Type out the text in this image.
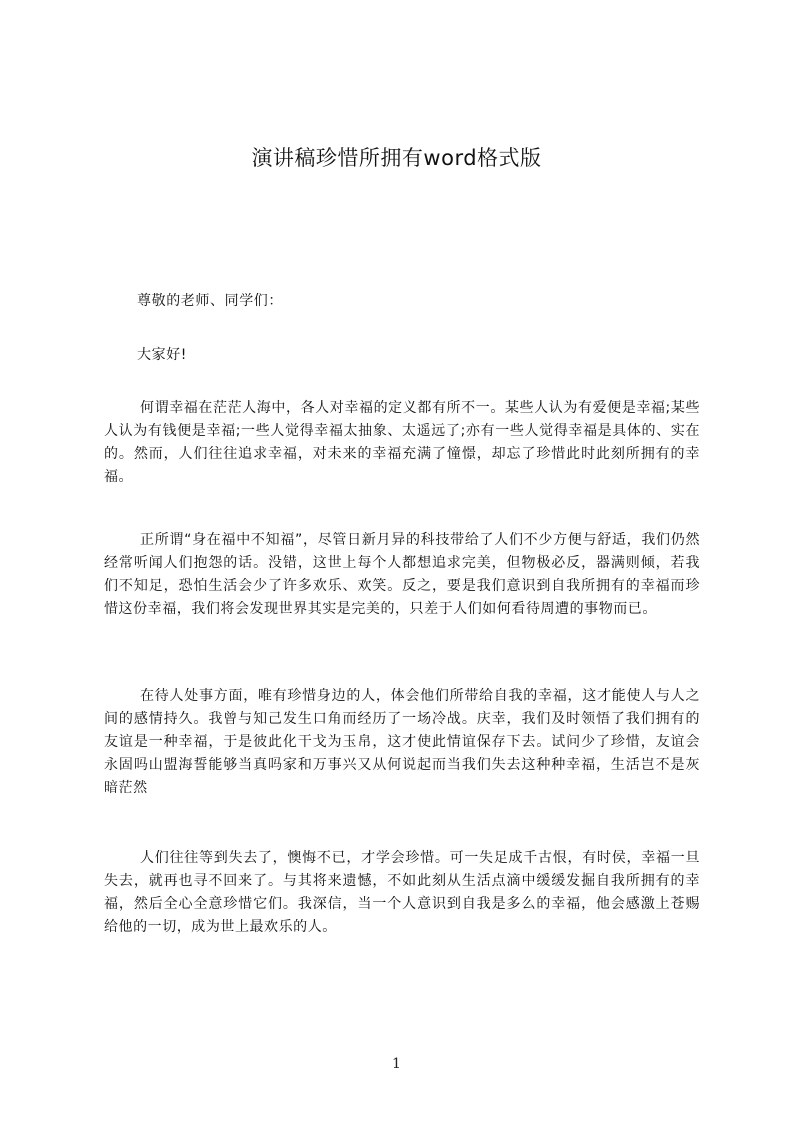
演讲稿珍惜所拥有word格式版
尊敬的老师、同学们：
大家好!

何谓幸福在茫茫人海中，各人对幸福的定义都有所不一。某些人认为有爱便是幸福;某些人认为有钱便是幸福;一些人觉得幸福太抽象、太遥远了;亦有一些人觉得幸福是具体的、实在的。然而，人们往往追求幸福，对未来的幸福充满了憧憬，却忘了珍惜此时此刻所拥有的幸福。

正所谓“身在福中不知福”，尽管日新月异的科技带给了人们不少方便与舒适，我们仍然经常听闻人们抱怨的话。没错，这世上每个人都想追求完美，但物极必反，器满则倾，若我们不知足，恐怕生活会少了许多欢乐、欢笑。反之，要是我们意识到自我所拥有的幸福而珍惜这份幸福，我们将会发现世界其实是完美的，只差于人们如何看待周遭的事物而已。

在待人处事方面，唯有珍惜身边的人，体会他们所带给自我的幸福，这才能使人与人之间的感情持久。我曾与知己发生口角而经历了一场冷战。庆幸，我们及时领悟了我们拥有的友谊是一种幸福，于是彼此化干戈为玉帛，这才使此情谊保存下去。试问少了珍惜，友谊会永固吗山盟海誓能够当真吗家和万事兴又从何说起而当我们失去这种种幸福，生活岂不是灰暗茫然

人们往往等到失去了，懊悔不已，才学会珍惜。可一失足成千古恨，有时侯，幸福一旦失去，就再也寻不回来了。与其将来遗憾，不如此刻从生活点滴中缓缓发掘自我所拥有的幸福，然后全心全意珍惜它们。我深信，当一个人意识到自我是多么的幸福，他会感激上苍赐给他的一切，成为世上最欢乐的人。

1
